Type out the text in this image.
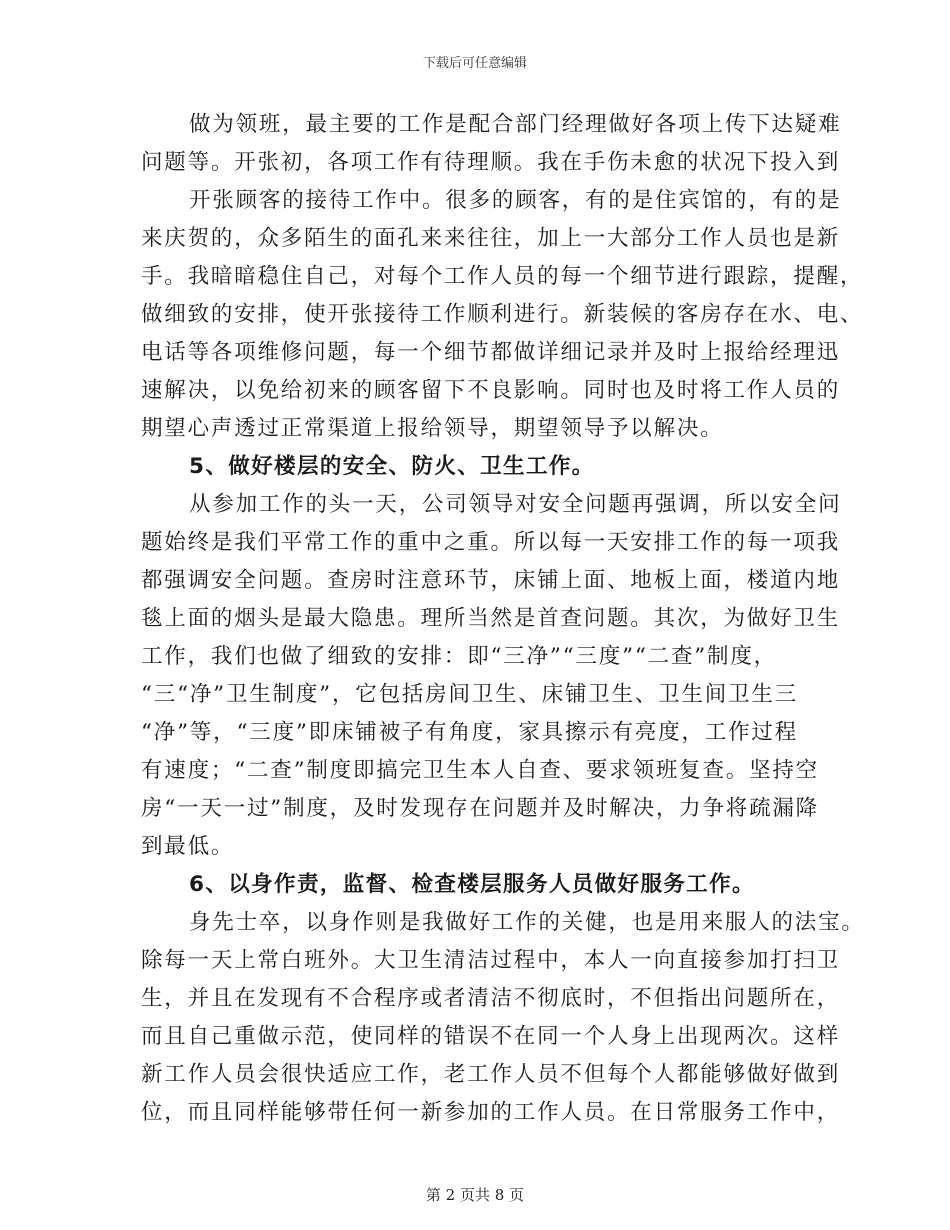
下载后可任意编辑
做为领班，最主要的工作是配合部门经理做好各项上传下达疑难
问题等。开张初，各项工作有待理顺。我在手伤未愈的状况下投入到
开张顾客的接待工作中。很多的顾客，有的是住宾馆的，有的是
来庆贺的，众多陌生的面孔来来往往，加上一大部分工作人员也是新
手。我暗暗稳住自己，对每个工作人员的每一个细节进行跟踪，提醒，
做细致的安排，使开张接待工作顺利进行。新装候的客房存在水、电、
电话等各项维修问题，每一个细节都做详细记录并及时上报给经理迅
速解决，以免给初来的顾客留下不良影响。同时也及时将工作人员的
期望心声透过正常渠道上报给领导，期望领导予以解决。
5、做好楼层的安全、防火、卫生工作。
从参加工作的头一天，公司领导对安全问题再强调，所以安全问
题始终是我们平常工作的重中之重。所以每一天安排工作的每一项我
都强调安全问题。查房时注意环节，床铺上面、地板上面，楼道内地
毯上面的烟头是最大隐患。理所当然是首查问题。其次，为做好卫生
工作，我们也做了细致的安排：即“三净”“三度”“二查”制度，
“三“净”卫生制度”，它包括房间卫生、床铺卫生、卫生间卫生三
“净”等，“三度”即床铺被子有角度，家具擦示有亮度，工作过程
有速度；“二查”制度即搞完卫生本人自查、要求领班复查。坚持空
房“一天一过”制度，及时发现存在问题并及时解决，力争将疏漏降
到最低。
6、以身作责，监督、检查楼层服务人员做好服务工作。
身先士卒，以身作则是我做好工作的关健，也是用来服人的法宝。
除每一天上常白班外。大卫生清洁过程中，本人一向直接参加打扫卫
生，并且在发现有不合程序或者清洁不彻底时，不但指出问题所在，
而且自己重做示范，使同样的错误不在同一个人身上出现两次。这样
新工作人员会很快适应工作，老工作人员不但每个人都能够做好做到
位，而且同样能够带任何一新参加的工作人员。在日常服务工作中，
第 2 页共 8 页
